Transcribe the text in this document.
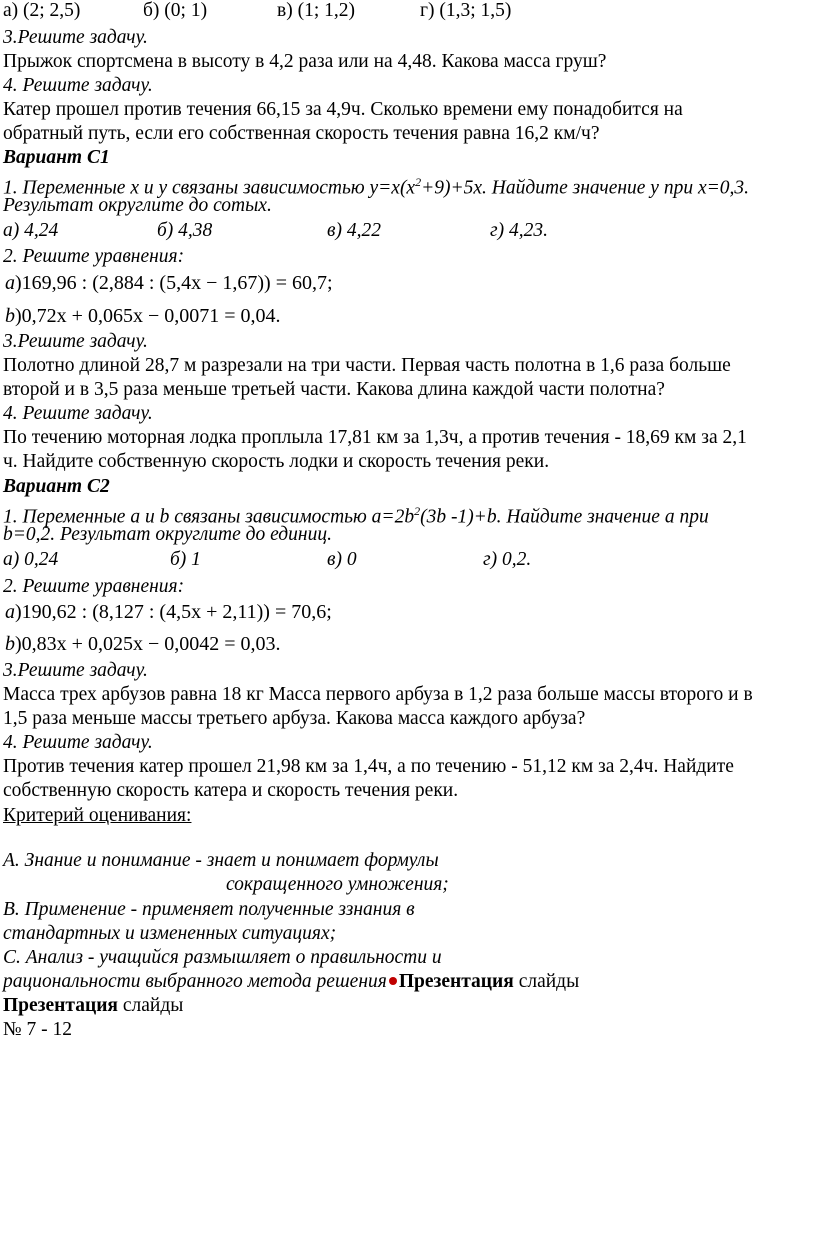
а) (2; 2,5)	б) (0; 1)	в) (1; 1,2)	г) (1,3; 1,5)
3.Решите задачу.
Прыжок спортсмена в высоту в 4,2 раза или на 4,48. Какова масса груш?
4. Решите задачу.
Катер прошел против течения 66,15 за 4,9ч. Сколько времени ему понадобится на
обратный путь, если его собственная скорость течения равна 16,2 км/ч?
Вариант С1
1. Переменные x и y связаны зависимостью $y=x(x^2+9)+5x$. Найдите значение y при x=0,3.
Результат округлите до сотых.
а) 4,24	б) 4,38	в) 4,22	г) 4,23.
2. Решите уравнения:
a)169,96 : (2,884 : (5,4x − 1,67)) = 60,7;
b)0,72x + 0,065x − 0,0071 = 0,04.
3.Решите задачу.
Полотно длиной 28,7 м разрезали на три части. Первая часть полотна в 1,6 раза больше
второй и в 3,5 раза меньше третьей части. Какова длина каждой части полотна?
4. Решите задачу.
По течению моторная лодка проплыла 17,81 км за 1,3ч, а против течения - 18,69 км за 2,1
ч. Найдите собственную скорость лодки и скорость течения реки.
Вариант С2
1. Переменные a и b связаны зависимостью $a=2b^2(3b$ -1)+b. Найдите значение a при
b=0,2. Результат округлите до единиц.
а) 0,24	б) 1	в) 0	г) 0,2.
2. Решите уравнения:
a)190,62 : (8,127 : (4,5x + 2,11)) = 70,6;
b)0,83x + 0,025x − 0,0042 = 0,03.
3.Решите задачу.
Масса трех арбузов равна 18 кг Масса первого арбуза в 1,2 раза больше массы второго и в
1,5 раза меньше массы третьего арбуза. Какова масса каждого арбуза?
4. Решите задачу.
Против течения катер прошел 21,98 км за 1,4ч, а по течению - 51,12 км за 2,4ч. Найдите
собственную скорость катера и скорость течения реки.
Критерий оценивания:
A. Знание и понимание - знает и понимает формулы
сокращенного умножения;
B. Применение - применяет полученные ззнания в
стандартных и измененных ситуациях;
C. Анализ - учащийся размышляет о правильности и
рациональности выбранного метода решения Презентация слайды
Презентация слайды
№ 7 - 12
